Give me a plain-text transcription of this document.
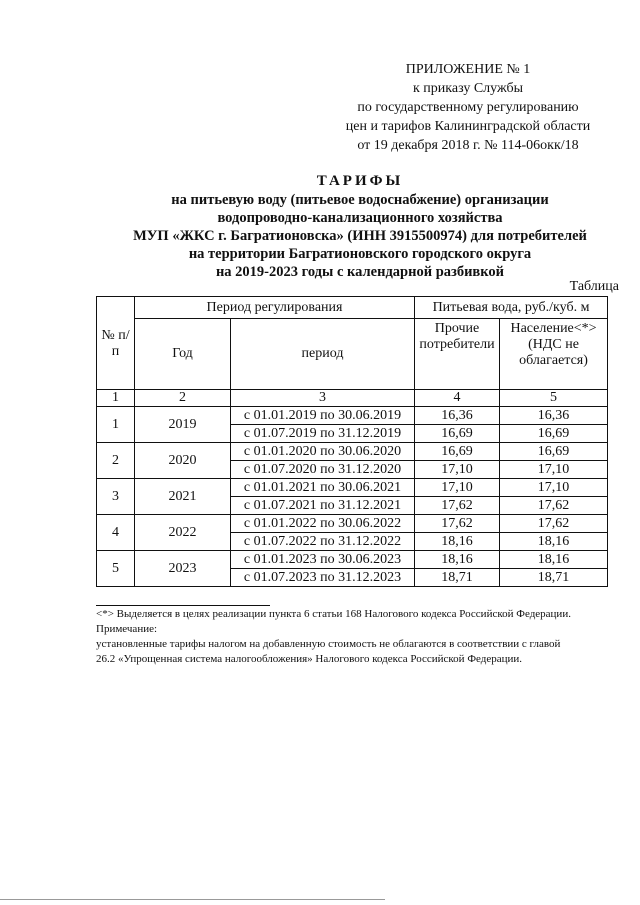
ПРИЛОЖЕНИЕ № 1
к приказу Службы
по государственному регулированию
цен и тарифов Калининградской области
от 19 декабря 2018 г. № 114-06окк/18
ТАРИФЫ
на питьевую воду (питьевое водоснабжение) организации
водопроводно-канализационного хозяйства
МУП «ЖКС г. Багратионовска» (ИНН 3915500974) для потребителей
на территории Багратионовского городского округа
на 2019-2023 годы с календарной разбивкой
Таблица
№ п/п	Период регулирования		Питьевая вода, руб./куб. м	
	Год	период	Прочие потребители	Население<*> (НДС не облагается)
1	2	3	4	5
1	2019	с 01.01.2019 по 30.06.2019	16,36	16,36
		с 01.07.2019 по 31.12.2019	16,69	16,69
2	2020	с 01.01.2020 по 30.06.2020	16,69	16,69
		с 01.07.2020 по 31.12.2020	17,10	17,10
3	2021	с 01.01.2021 по 30.06.2021	17,10	17,10
		с 01.07.2021 по 31.12.2021	17,62	17,62
4	2022	с 01.01.2022 по 30.06.2022	17,62	17,62
		с 01.07.2022 по 31.12.2022	18,16	18,16
5	2023	с 01.01.2023 по 30.06.2023	18,16	18,16
		с 01.07.2023 по 31.12.2023	18,71	18,71
<*> Выделяется в целях реализации пункта 6 статьи 168 Налогового кодекса Российской Федерации.
Примечание:
установленные тарифы налогом на добавленную стоимость не облагаются в соответствии с главой
26.2 «Упрощенная система налогообложения» Налогового кодекса Российской Федерации.
